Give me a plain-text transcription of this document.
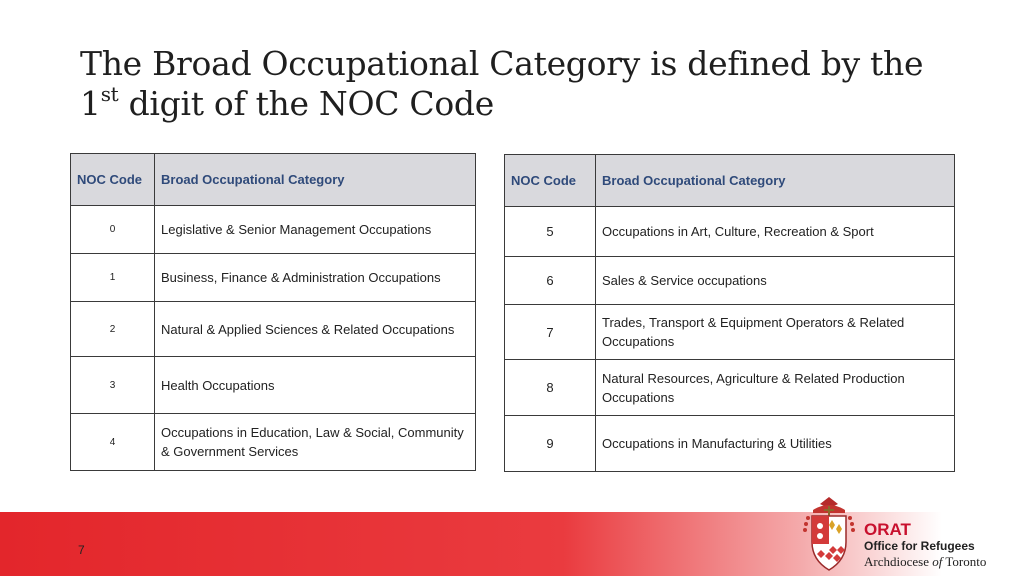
The Broad Occupational Category is defined by the
1st digit of the NOC Code
NOC Code	Broad Occupational Category
0	Legislative & Senior Management Occupations
1	Business, Finance & Administration Occupations
2	Natural & Applied Sciences & Related Occupations
3	Health Occupations
4	Occupations in Education, Law & Social, Community & Government Services
NOC Code	Broad Occupational Category
5	Occupations in Art, Culture, Recreation & Sport
6	Sales & Service occupations
7	Trades, Transport & Equipment Operators & Related Occupations
8	Natural Resources, Agriculture & Related Production Occupations
9	Occupations in Manufacturing & Utilities
7
ORAT
Office for Refugees
Archdiocese of Toronto
